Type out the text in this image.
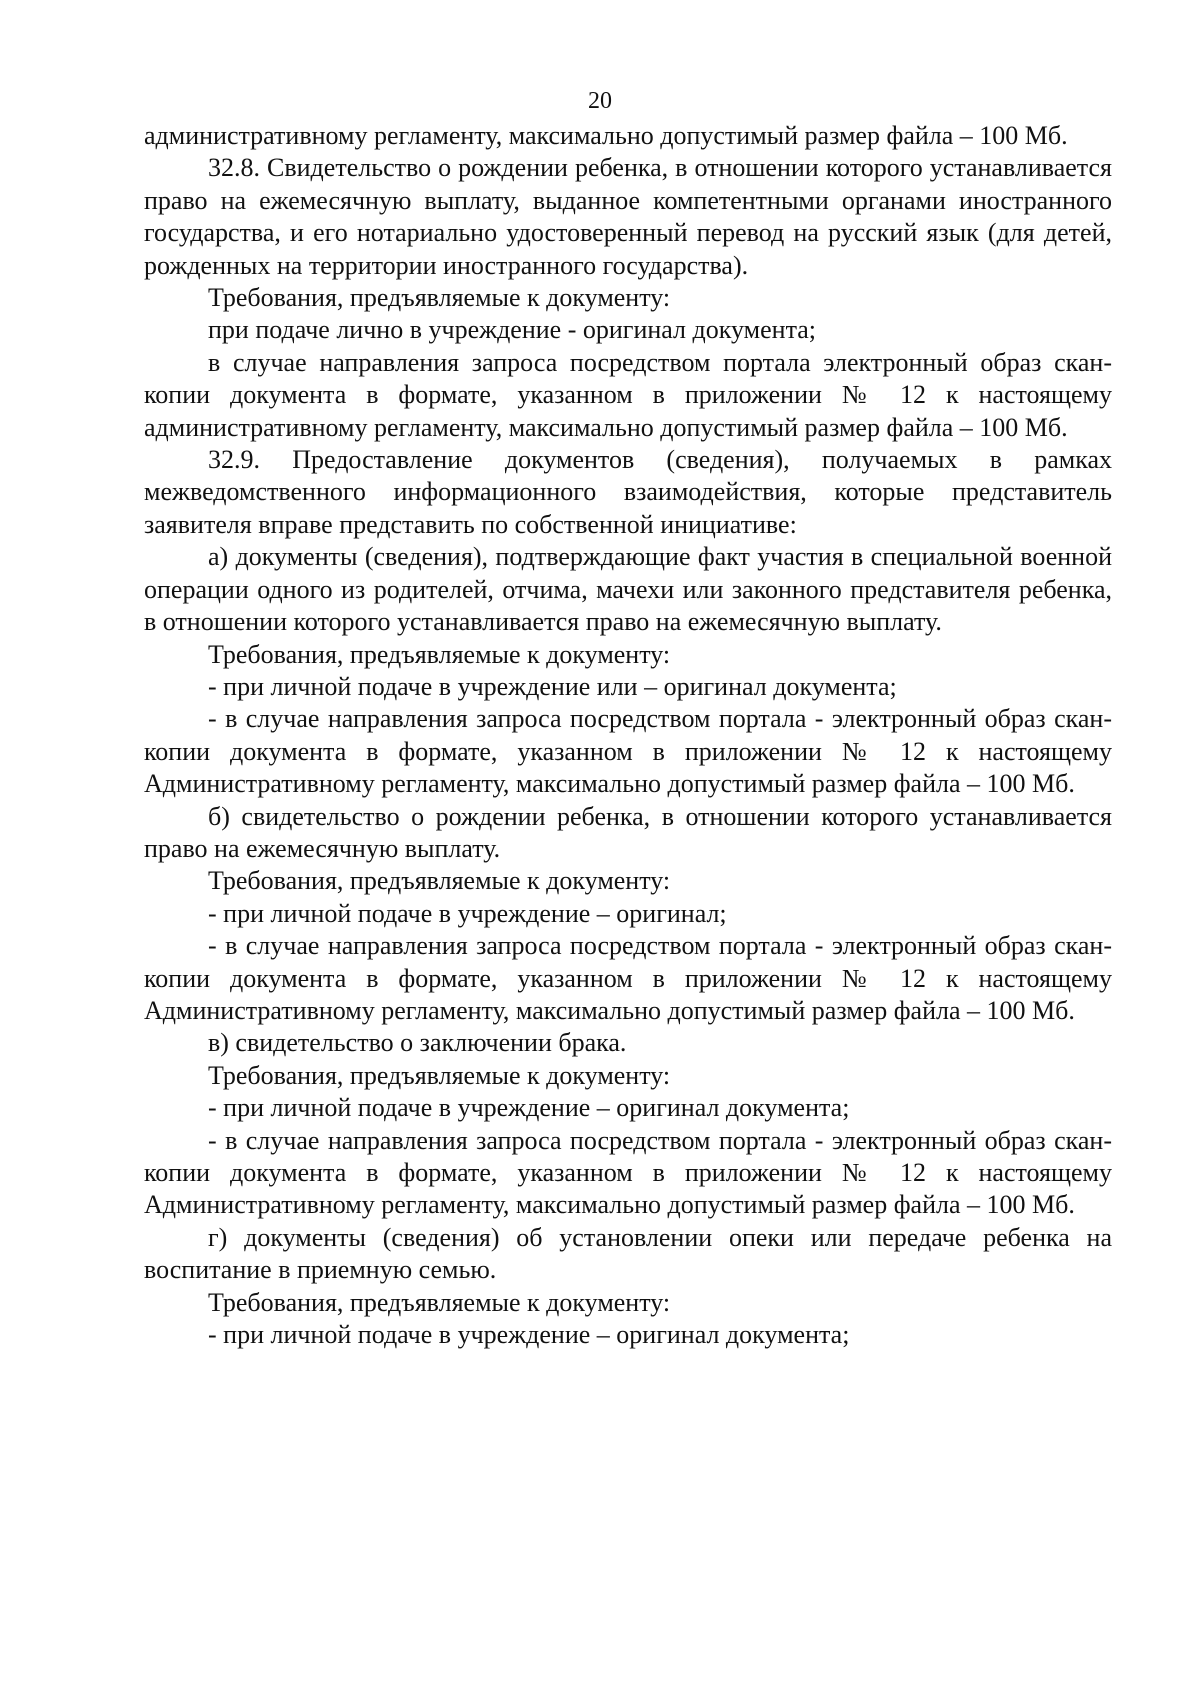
20

административному регламенту, максимально допустимый размер файла – 100 Мб.

32.8. Свидетельство о рождении ребенка, в отношении которого устанавливается право на ежемесячную выплату, выданное компетентными органами иностранного государства, и его нотариально удостоверенный перевод на русский язык (для детей, рожденных на территории иностранного государства).

Требования, предъявляемые к документу:

при подаче лично в учреждение - оригинал документа;

в случае направления запроса посредством портала электронный образ скан-копии документа в формате, указанном в приложении № 12 к настоящему административному регламенту, максимально допустимый размер файла – 100 Мб.

32.9. Предоставление документов (сведения), получаемых в рамках межведомственного информационного взаимодействия, которые представитель заявителя вправе представить по собственной инициативе:

а) документы (сведения), подтверждающие факт участия в специальной военной операции одного из родителей, отчима, мачехи или законного представителя ребенка, в отношении которого устанавливается право на ежемесячную выплату.

Требования, предъявляемые к документу:

- при личной подаче в учреждение или – оригинал документа;

- в случае направления запроса посредством портала - электронный образ скан-копии документа в формате, указанном в приложении № 12 к настоящему Административному регламенту, максимально допустимый размер файла – 100 Мб.

б) свидетельство о рождении ребенка, в отношении которого устанавливается право на ежемесячную выплату.

Требования, предъявляемые к документу:

- при личной подаче в учреждение – оригинал;

- в случае направления запроса посредством портала - электронный образ скан-копии документа в формате, указанном в приложении № 12 к настоящему Административному регламенту, максимально допустимый размер файла – 100 Мб.

в) свидетельство о заключении брака.

Требования, предъявляемые к документу:

- при личной подаче в учреждение – оригинал документа;

- в случае направления запроса посредством портала - электронный образ скан-копии документа в формате, указанном в приложении № 12 к настоящему Административному регламенту, максимально допустимый размер файла – 100 Мб.

г) документы (сведения) об установлении опеки или передаче ребенка на воспитание в приемную семью.

Требования, предъявляемые к документу:

- при личной подаче в учреждение – оригинал документа;
